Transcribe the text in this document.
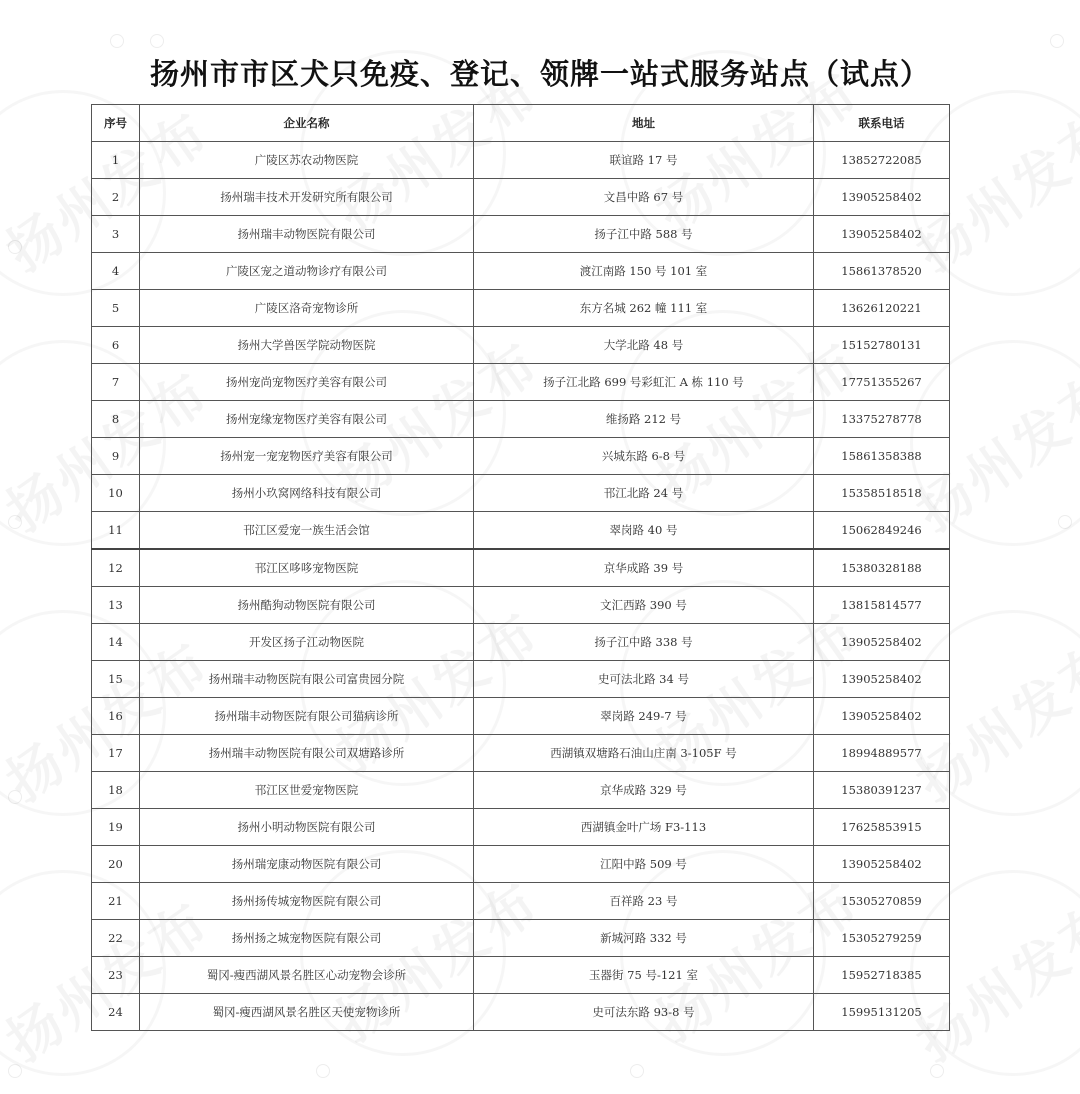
扬州市市区犬只免疫、登记、领牌一站式服务站点（试点）
序号	企业名称	地址	联系电话
1	广陵区苏农动物医院	联谊路 17 号	13852722085
2	扬州瑞丰技术开发研究所有限公司	文昌中路 67 号	13905258402
3	扬州瑞丰动物医院有限公司	扬子江中路 588 号	13905258402
4	广陵区宠之道动物诊疗有限公司	渡江南路 150 号 101 室	15861378520
5	广陵区洛奇宠物诊所	东方名城 262 幢 111 室	13626120221
6	扬州大学兽医学院动物医院	大学北路 48 号	15152780131
7	扬州宠尚宠物医疗美容有限公司	扬子江北路 699 号彩虹汇 A 栋 110 号	17751355267
8	扬州宠缘宠物医疗美容有限公司	维扬路 212 号	13375278778
9	扬州宠一宠宠物医疗美容有限公司	兴城东路 6-8 号	15861358388
10	扬州小玖窝网络科技有限公司	邗江北路 24 号	15358518518
11	邗江区爱宠一族生活会馆	翠岗路 40 号	15062849246
12	邗江区哆哆宠物医院	京华成路 39 号	15380328188
13	扬州酷狗动物医院有限公司	文汇西路 390 号	13815814577
14	开发区扬子江动物医院	扬子江中路 338 号	13905258402
15	扬州瑞丰动物医院有限公司富贵园分院	史可法北路 34 号	13905258402
16	扬州瑞丰动物医院有限公司猫病诊所	翠岗路 249-7 号	13905258402
17	扬州瑞丰动物医院有限公司双塘路诊所	西湖镇双塘路石油山庄南 3-105F 号	18994889577
18	邗江区世爱宠物医院	京华成路 329 号	15380391237
19	扬州小明动物医院有限公司	西湖镇金叶广场 F3-113	17625853915
20	扬州瑞宠康动物医院有限公司	江阳中路 509 号	13905258402
21	扬州扬传城宠物医院有限公司	百祥路 23 号	15305270859
22	扬州扬之城宠物医院有限公司	新城河路 332 号	15305279259
23	蜀冈-瘦西湖风景名胜区心动宠物会诊所	玉器街 75 号-121 室	15952718385
24	蜀冈-瘦西湖风景名胜区天使宠物诊所	史可法东路 93-8 号	15995131205
